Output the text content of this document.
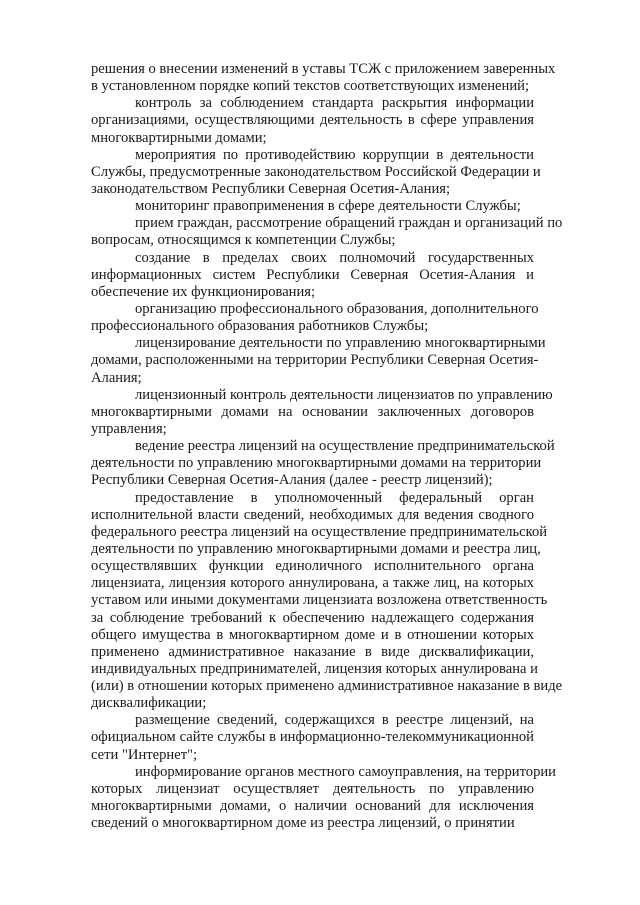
решения о внесении изменений в уставы ТСЖ с приложением заверенных
в установленном порядке копий текстов соответствующих изменений;
контроль за соблюдением стандарта раскрытия информации
организациями, осуществляющими деятельность в сфере управления
многоквартирными домами;
мероприятия по противодействию коррупции в деятельности
Службы, предусмотренные законодательством Российской Федерации и
законодательством Республики Северная Осетия-Алания;
мониторинг правоприменения в сфере деятельности Службы;
прием граждан, рассмотрение обращений граждан и организаций по
вопросам, относящимся к компетенции Службы;
создание в пределах своих полномочий государственных
информационных систем Республики Северная Осетия-Алания и
обеспечение их функционирования;
организацию профессионального образования, дополнительного
профессионального образования работников Службы;
лицензирование деятельности по управлению многоквартирными
домами, расположенными на территории Республики Северная Осетия-
Алания;
лицензионный контроль деятельности лицензиатов по управлению
многоквартирными домами на основании заключенных договоров
управления;
ведение реестра лицензий на осуществление предпринимательской
деятельности по управлению многоквартирными домами на территории
Республики Северная Осетия-Алания (далее - реестр лицензий);
предоставление в уполномоченный федеральный орган
исполнительной власти сведений, необходимых для ведения сводного
федерального реестра лицензий на осуществление предпринимательской
деятельности по управлению многоквартирными домами и реестра лиц,
осуществлявших функции единоличного исполнительного органа
лицензиата, лицензия которого аннулирована, а также лиц, на которых
уставом или иными документами лицензиата возложена ответственность
за соблюдение требований к обеспечению надлежащего содержания
общего имущества в многоквартирном доме и в отношении которых
применено административное наказание в виде дисквалификации,
индивидуальных предпринимателей, лицензия которых аннулирована и
(или) в отношении которых применено административное наказание в виде
дисквалификации;
размещение сведений, содержащихся в реестре лицензий, на
официальном сайте службы в информационно-телекоммуникационной
сети "Интернет";
информирование органов местного самоуправления, на территории
которых лицензиат осуществляет деятельность по управлению
многоквартирными домами, о наличии оснований для исключения
сведений о многоквартирном доме из реестра лицензий, о принятии
